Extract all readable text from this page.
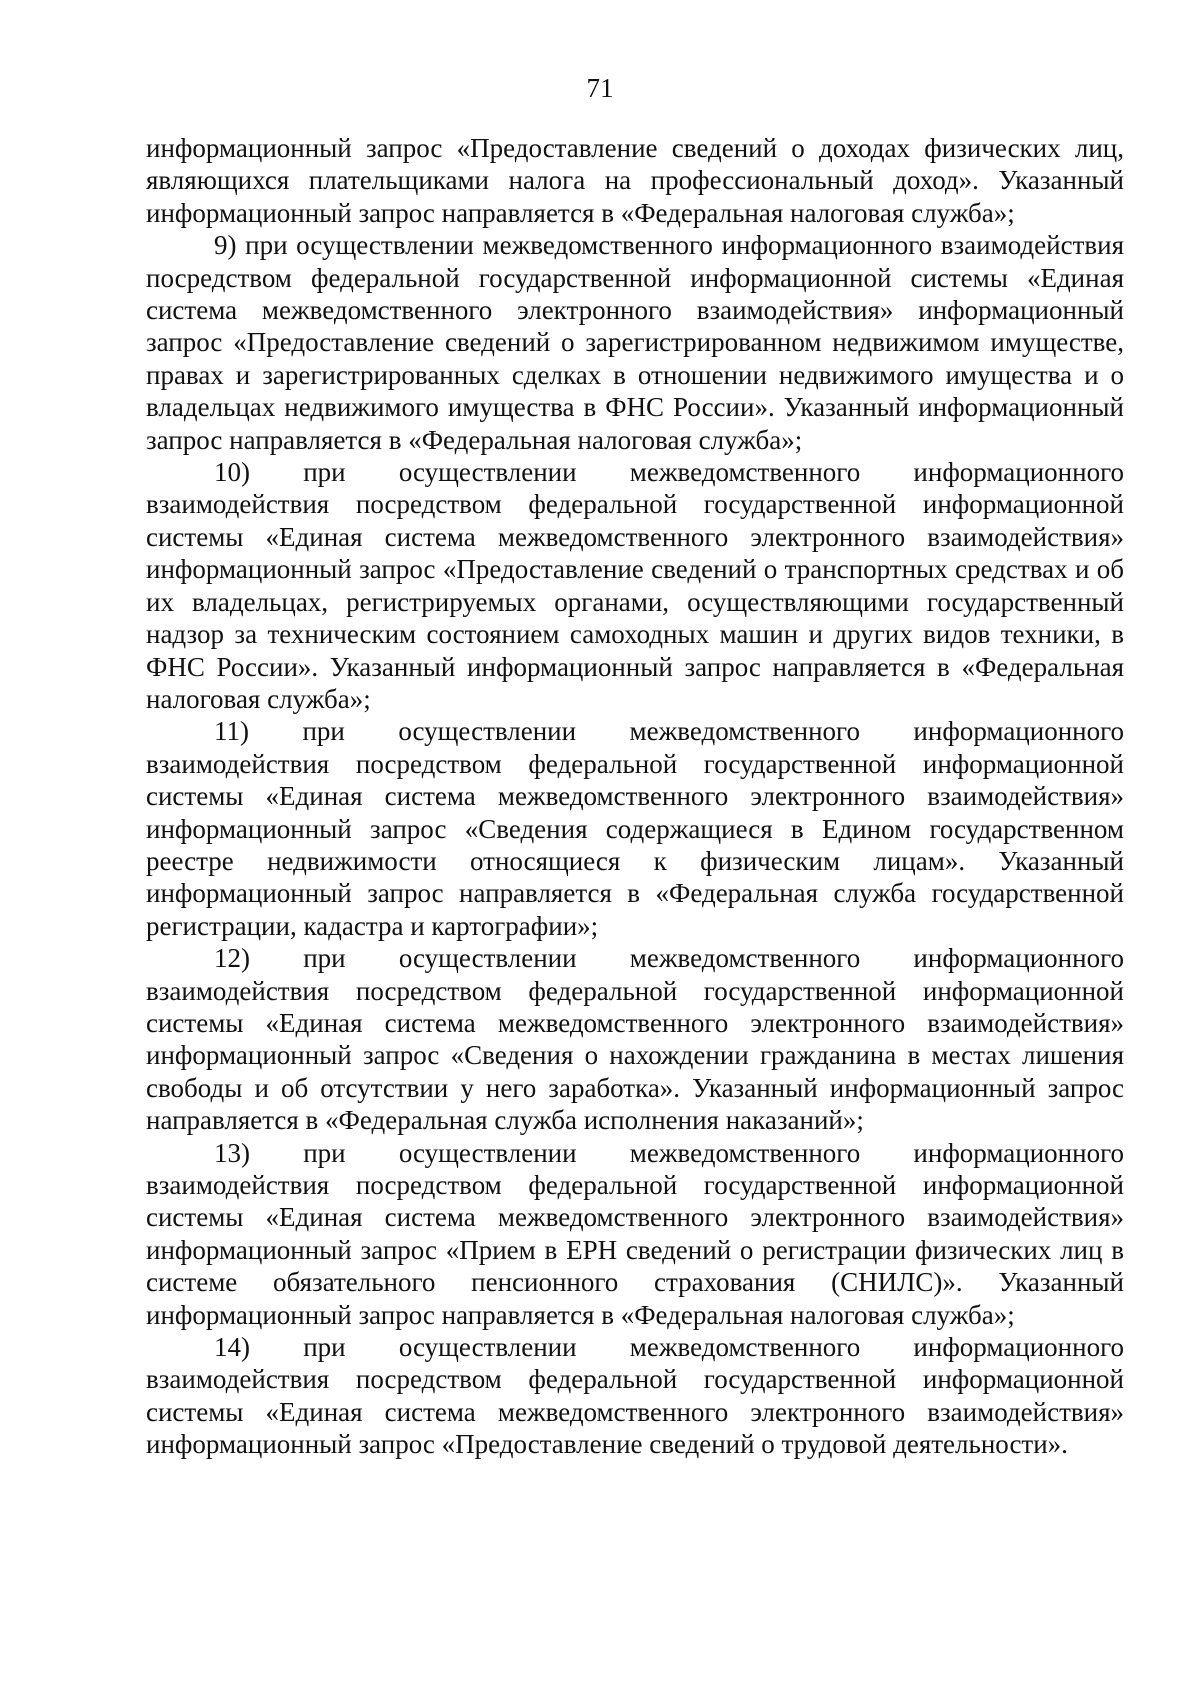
71

информационный запрос «Предоставление сведений о доходах физических лиц, являющихся плательщиками налога на профессиональный доход». Указанный информационный запрос направляется в «Федеральная налоговая служба»;

9) при осуществлении межведомственного информационного взаимодействия посредством федеральной государственной информационной системы «Единая система межведомственного электронного взаимодействия» информационный запрос «Предоставление сведений о зарегистрированном недвижимом имуществе, правах и зарегистрированных сделках в отношении недвижимого имущества и о владельцах недвижимого имущества в ФНС России». Указанный информационный запрос направляется в «Федеральная налоговая служба»;

10) при осуществлении межведомственного информационного взаимодействия посредством федеральной государственной информационной системы «Единая система межведомственного электронного взаимодействия» информационный запрос «Предоставление сведений о транспортных средствах и об их владельцах, регистрируемых органами, осуществляющими государственный надзор за техническим состоянием самоходных машин и других видов техники, в ФНС России». Указанный информационный запрос направляется в «Федеральная налоговая служба»;

11) при осуществлении межведомственного информационного взаимодействия посредством федеральной государственной информационной системы «Единая система межведомственного электронного взаимодействия» информационный запрос «Сведения содержащиеся в Едином государственном реестре недвижимости относящиеся к физическим лицам». Указанный информационный запрос направляется в «Федеральная служба государственной регистрации, кадастра и картографии»;

12) при осуществлении межведомственного информационного взаимодействия посредством федеральной государственной информационной системы «Единая система межведомственного электронного взаимодействия» информационный запрос «Сведения о нахождении гражданина в местах лишения свободы и об отсутствии у него заработка». Указанный информационный запрос направляется в «Федеральная служба исполнения наказаний»;

13) при осуществлении межведомственного информационного взаимодействия посредством федеральной государственной информационной системы «Единая система межведомственного электронного взаимодействия» информационный запрос «Прием в ЕРН сведений о регистрации физических лиц в системе обязательного пенсионного страхования (СНИЛС)». Указанный информационный запрос направляется в «Федеральная налоговая служба»;

14) при осуществлении межведомственного информационного взаимодействия посредством федеральной государственной информационной системы «Единая система межведомственного электронного взаимодействия» информационный запрос «Предоставление сведений о трудовой деятельности».
